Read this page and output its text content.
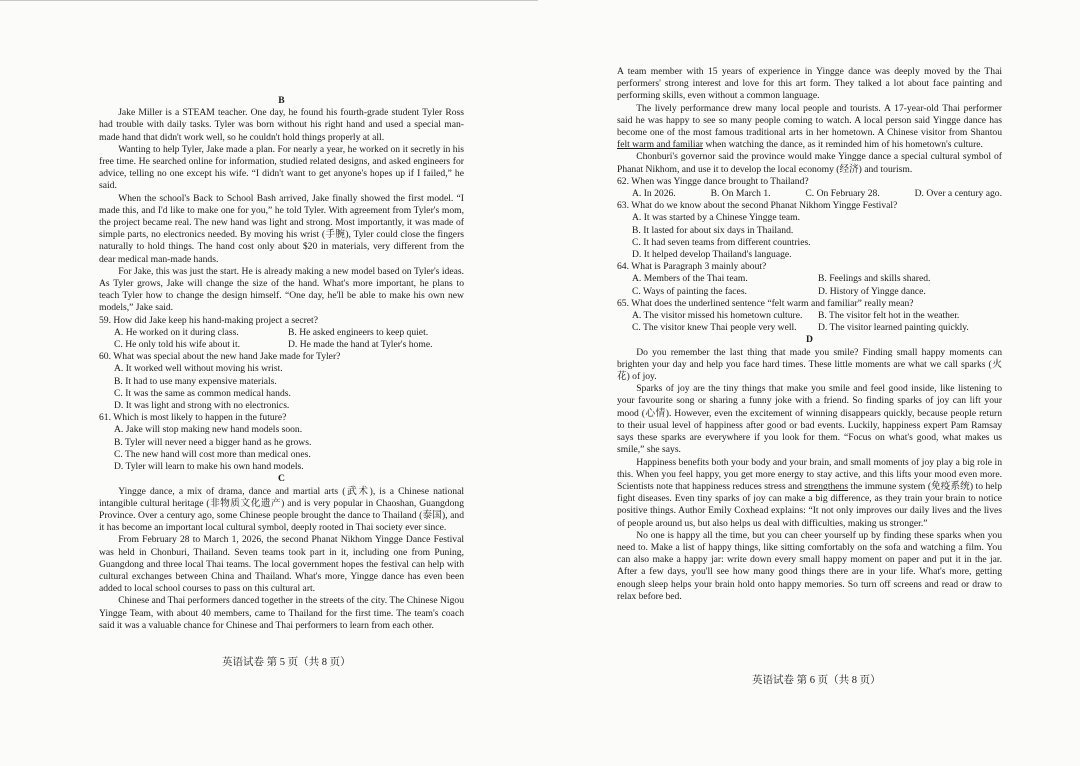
B

Jake Miller is a STEAM teacher. One day, he found his fourth-grade student Tyler Ross had trouble with daily tasks. Tyler was born without his right hand and used a special man-made hand that didn't work well, so he couldn't hold things properly at all.

Wanting to help Tyler, Jake made a plan. For nearly a year, he worked on it secretly in his free time. He searched online for information, studied related designs, and asked engineers for advice, telling no one except his wife. “I didn't want to get anyone's hopes up if I failed,” he said.

When the school's Back to School Bash arrived, Jake finally showed the first model. “I made this, and I'd like to make one for you,” he told Tyler. With agreement from Tyler's mom, the project became real. The new hand was light and strong. Most importantly, it was made of simple parts, no electronics needed. By moving his wrist (手腕), Tyler could close the fingers naturally to hold things. The hand cost only about $20 in materials, very different from the dear medical man-made hands.

For Jake, this was just the start. He is already making a new model based on Tyler's ideas. As Tyler grows, Jake will change the size of the hand. What's more important, he plans to teach Tyler how to change the design himself. “One day, he'll be able to make his own new models,” Jake said.

59. How did Jake keep his hand-making project a secret?

A. He worked on it during class.	B. He asked engineers to keep quiet.
C. He only told his wife about it.	D. He made the hand at Tyler's home.

60. What was special about the new hand Jake made for Tyler?

A. It worked well without moving his wrist.

B. It had to use many expensive materials.

C. It was the same as common medical hands.

D. It was light and strong with no electronics.

61. Which is most likely to happen in the future?

A. Jake will stop making new hand models soon.

B. Tyler will never need a bigger hand as he grows.

C. The new hand will cost more than medical ones.

D. Tyler will learn to make his own hand models.

C

Yingge dance, a mix of drama, dance and martial arts (武术), is a Chinese national intangible cultural heritage (非物质文化遗产) and is very popular in Chaoshan, Guangdong Province. Over a century ago, some Chinese people brought the dance to Thailand (泰国), and it has become an important local cultural symbol, deeply rooted in Thai society ever since.

From February 28 to March 1, 2026, the second Phanat Nikhom Yingge Dance Festival was held in Chonburi, Thailand. Seven teams took part in it, including one from Puning, Guangdong and three local Thai teams. The local government hopes the festival can help with cultural exchanges between China and Thailand. What's more, Yingge dance has even been added to local school courses to pass on this cultural art.

Chinese and Thai performers danced together in the streets of the city. The Chinese Nigou Yingge Team, with about 40 members, came to Thailand for the first time. The team's coach said it was a valuable chance for Chinese and Thai performers to learn from each other.

英语试卷 第 5 页（共 8 页）

A team member with 15 years of experience in Yingge dance was deeply moved by the Thai performers' strong interest and love for this art form. They talked a lot about face painting and performing skills, even without a common language.

The lively performance drew many local people and tourists. A 17-year-old Thai performer said he was happy to see so many people coming to watch. A local person said Yingge dance has become one of the most famous traditional arts in her hometown. A Chinese visitor from Shantou felt warm and familiar when watching the dance, as it reminded him of his hometown's culture.

Chonburi's governor said the province would make Yingge dance a special cultural symbol of Phanat Nikhom, and use it to develop the local economy (经济) and tourism.

62. When was Yingge dance brought to Thailand?

A. In 2026.	B. On March 1.	C. On February 28.	D. Over a century ago.

63. What do we know about the second Phanat Nikhom Yingge Festival?

A. It was started by a Chinese Yingge team.

B. It lasted for about six days in Thailand.

C. It had seven teams from different countries.

D. It helped develop Thailand's language.

64. What is Paragraph 3 mainly about?

A. Members of the Thai team.	B. Feelings and skills shared.
C. Ways of painting the faces.	D. History of Yingge dance.

65. What does the underlined sentence “felt warm and familiar” really mean?

A. The visitor missed his hometown culture.	B. The visitor felt hot in the weather.
C. The visitor knew Thai people very well.	D. The visitor learned painting quickly.

D

Do you remember the last thing that made you smile? Finding small happy moments can brighten your day and help you face hard times. These little moments are what we call sparks (火花) of joy.

Sparks of joy are the tiny things that make you smile and feel good inside, like listening to your favourite song or sharing a funny joke with a friend. So finding sparks of joy can lift your mood (心情). However, even the excitement of winning disappears quickly, because people return to their usual level of happiness after good or bad events. Luckily, happiness expert Pam Ramsay says these sparks are everywhere if you look for them. “Focus on what's good, what makes us smile,” she says.

Happiness benefits both your body and your brain, and small moments of joy play a big role in this. When you feel happy, you get more energy to stay active, and this lifts your mood even more. Scientists note that happiness reduces stress and strengthens the immune system (免疫系统) to help fight diseases. Even tiny sparks of joy can make a big difference, as they train your brain to notice positive things. Author Emily Coxhead explains: “It not only improves our daily lives and the lives of people around us, but also helps us deal with difficulties, making us stronger.”

No one is happy all the time, but you can cheer yourself up by finding these sparks when you need to. Make a list of happy things, like sitting comfortably on the sofa and watching a film. You can also make a happy jar: write down every small happy moment on paper and put it in the jar. After a few days, you'll see how many good things there are in your life. What's more, getting enough sleep helps your brain hold onto happy memories. So turn off screens and read or draw to relax before bed.

英语试卷 第 6 页（共 8 页）
